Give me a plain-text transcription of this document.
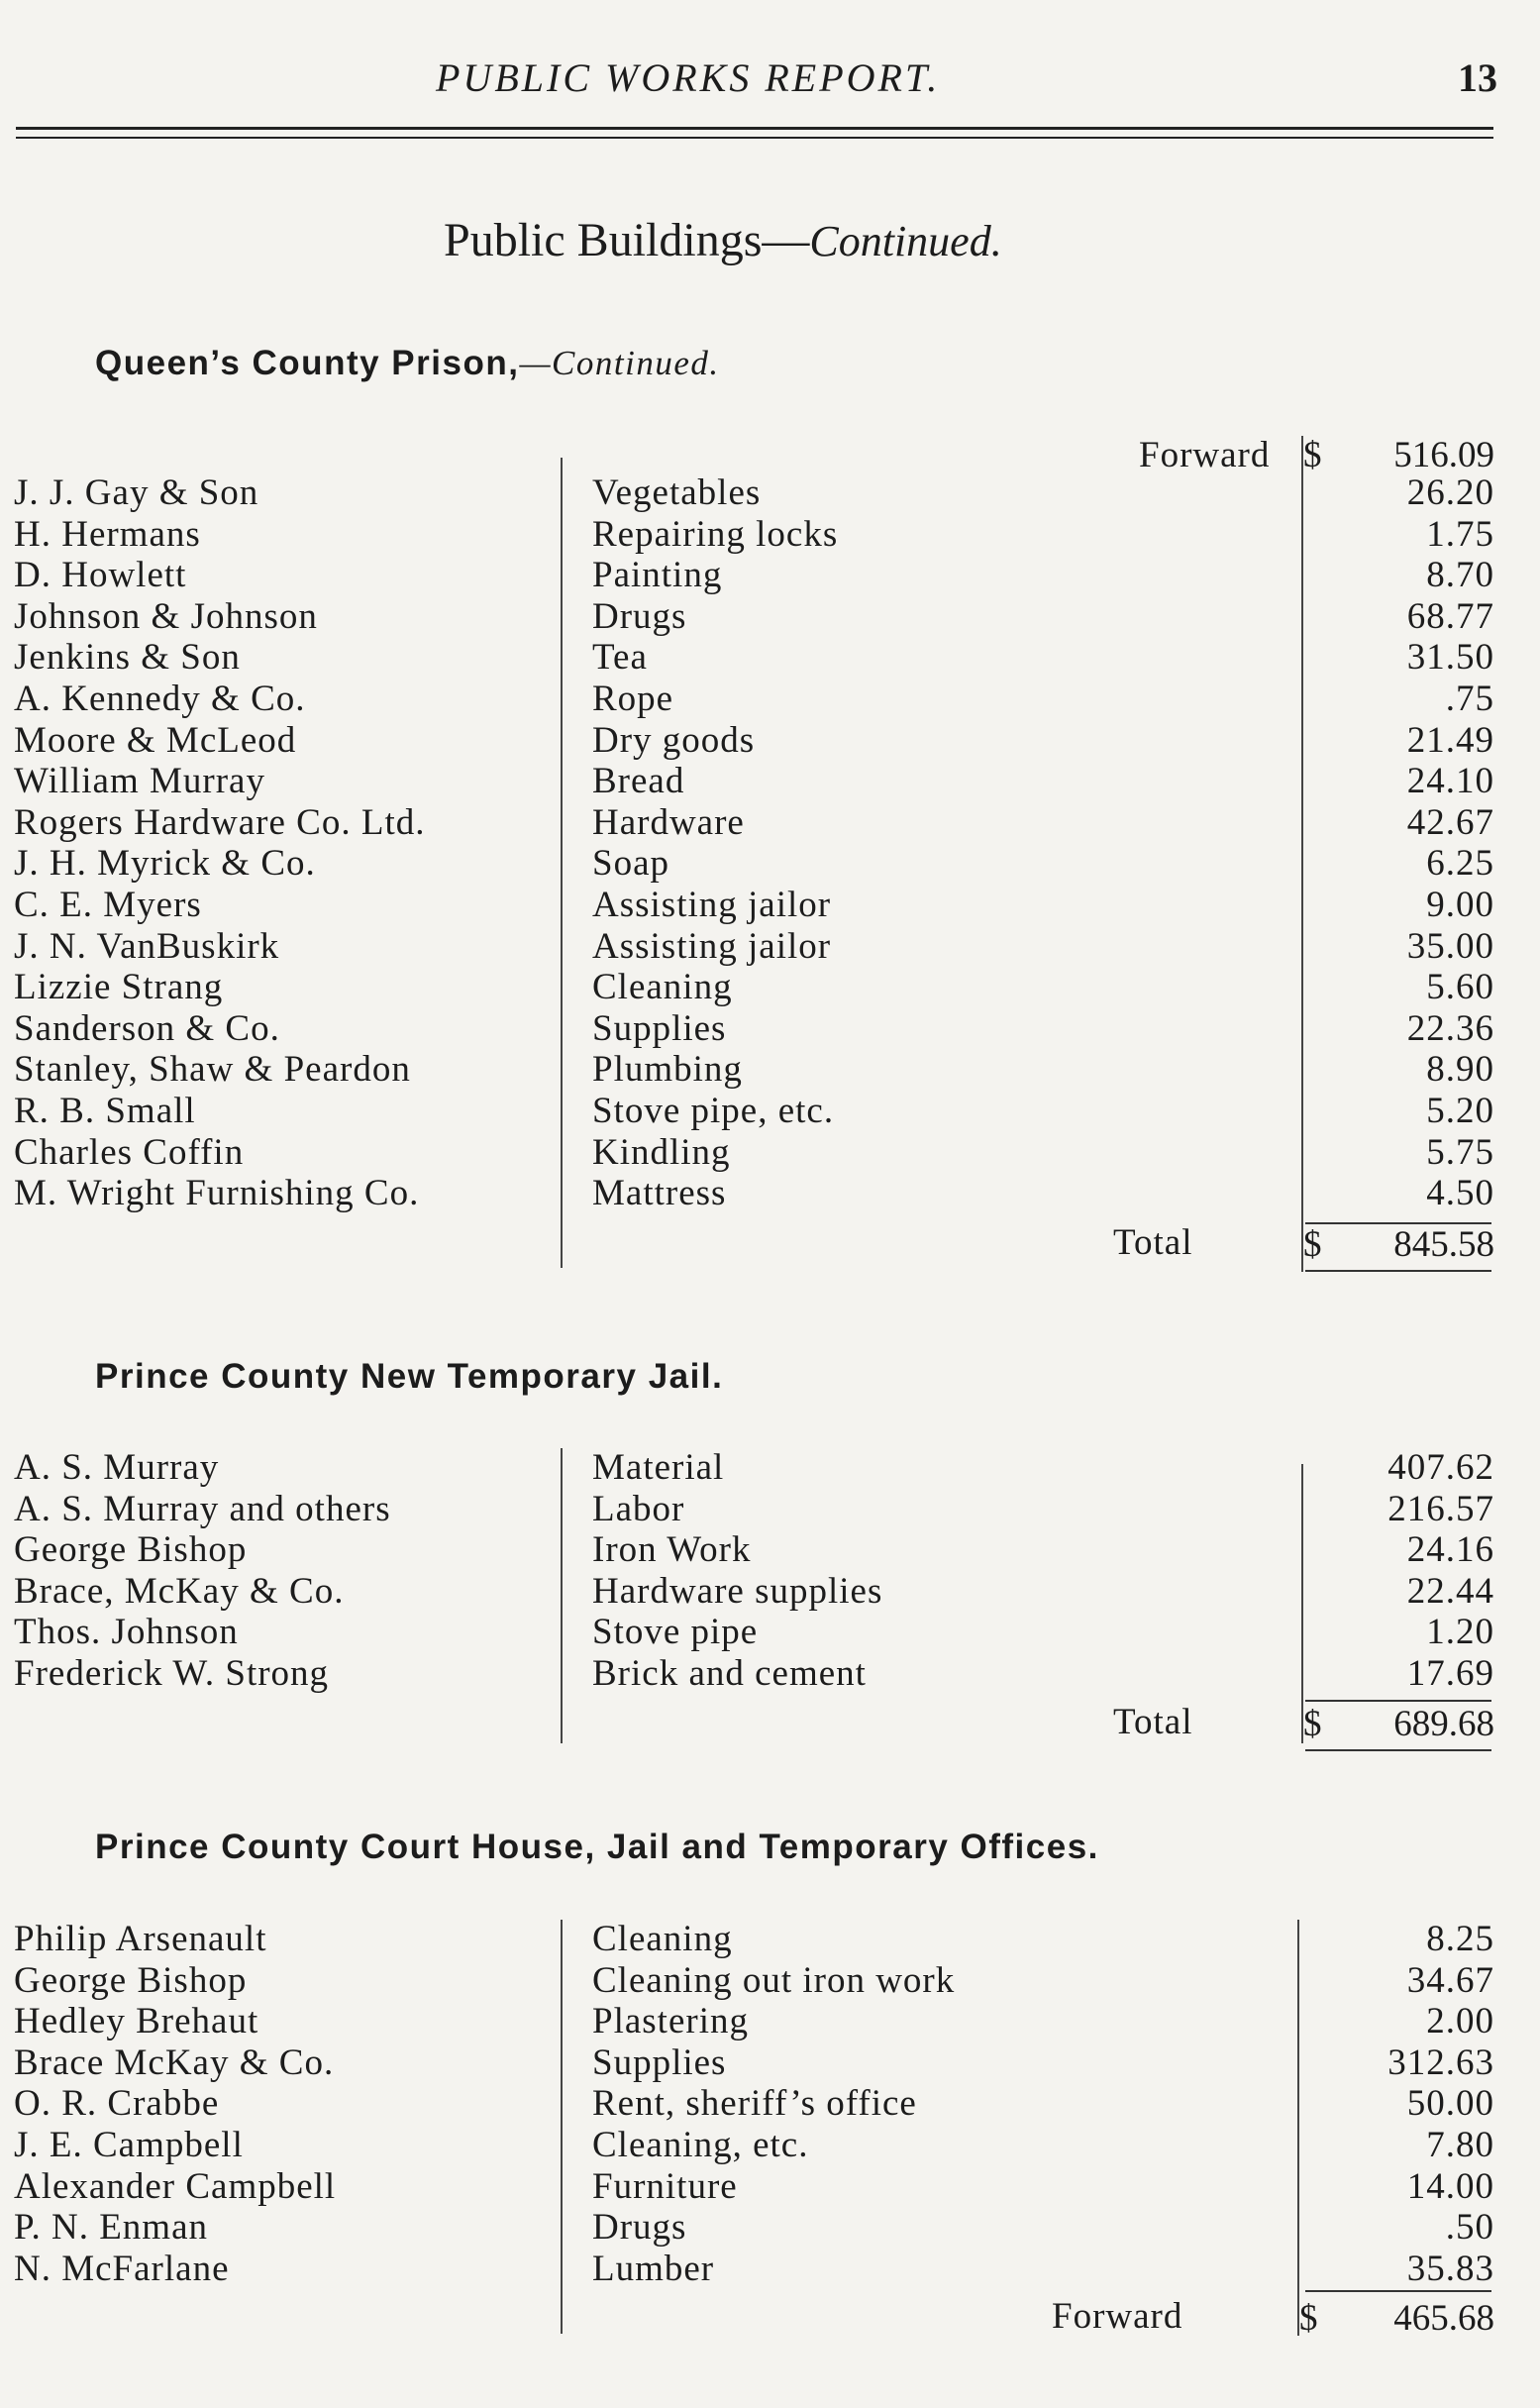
PUBLIC WORKS REPORT.	13
Public Buildings—Continued.
Queen’s County Prison,—Continued.
Forward $ 516.09
J. J. Gay & Son	Vegetables	26.20
H. Hermans	Repairing locks	1.75
D. Howlett	Painting	8.70
Johnson & Johnson	Drugs	68.77
Jenkins & Son	Tea	31.50
A. Kennedy & Co.	Rope	.75
Moore & McLeod	Dry goods	21.49
William Murray	Bread	24.10
Rogers Hardware Co. Ltd.	Hardware	42.67
J. H. Myrick & Co.	Soap	6.25
C. E. Myers	Assisting jailor	9.00
J. N. VanBuskirk	Assisting jailor	35.00
Lizzie Strang	Cleaning	5.60
Sanderson & Co.	Supplies	22.36
Stanley, Shaw & Peardon	Plumbing	8.90
R. B. Small	Stove pipe, etc.	5.20
Charles Coffin	Kindling	5.75
M. Wright Furnishing Co.	Mattress	4.50
Total	$ 845.58
Prince County New Temporary Jail.
A. S. Murray	Material	407.62
A. S. Murray and others	Labor	216.57
George Bishop	Iron Work	24.16
Brace, McKay & Co.	Hardware supplies	22.44
Thos. Johnson	Stove pipe	1.20
Frederick W. Strong	Brick and cement	17.69
Total	$ 689.68
Prince County Court House, Jail and Temporary Offices.
Philip Arsenault	Cleaning	8.25
George Bishop	Cleaning out iron work	34.67
Hedley Brehaut	Plastering	2.00
Brace McKay & Co.	Supplies	312.63
O. R. Crabbe	Rent, sheriff’s office	50.00
J. E. Campbell	Cleaning, etc.	7.80
Alexander Campbell	Furniture	14.00
P. N. Enman	Drugs	.50
N. McFarlane	Lumber	35.83
Forward	$ 465.68
